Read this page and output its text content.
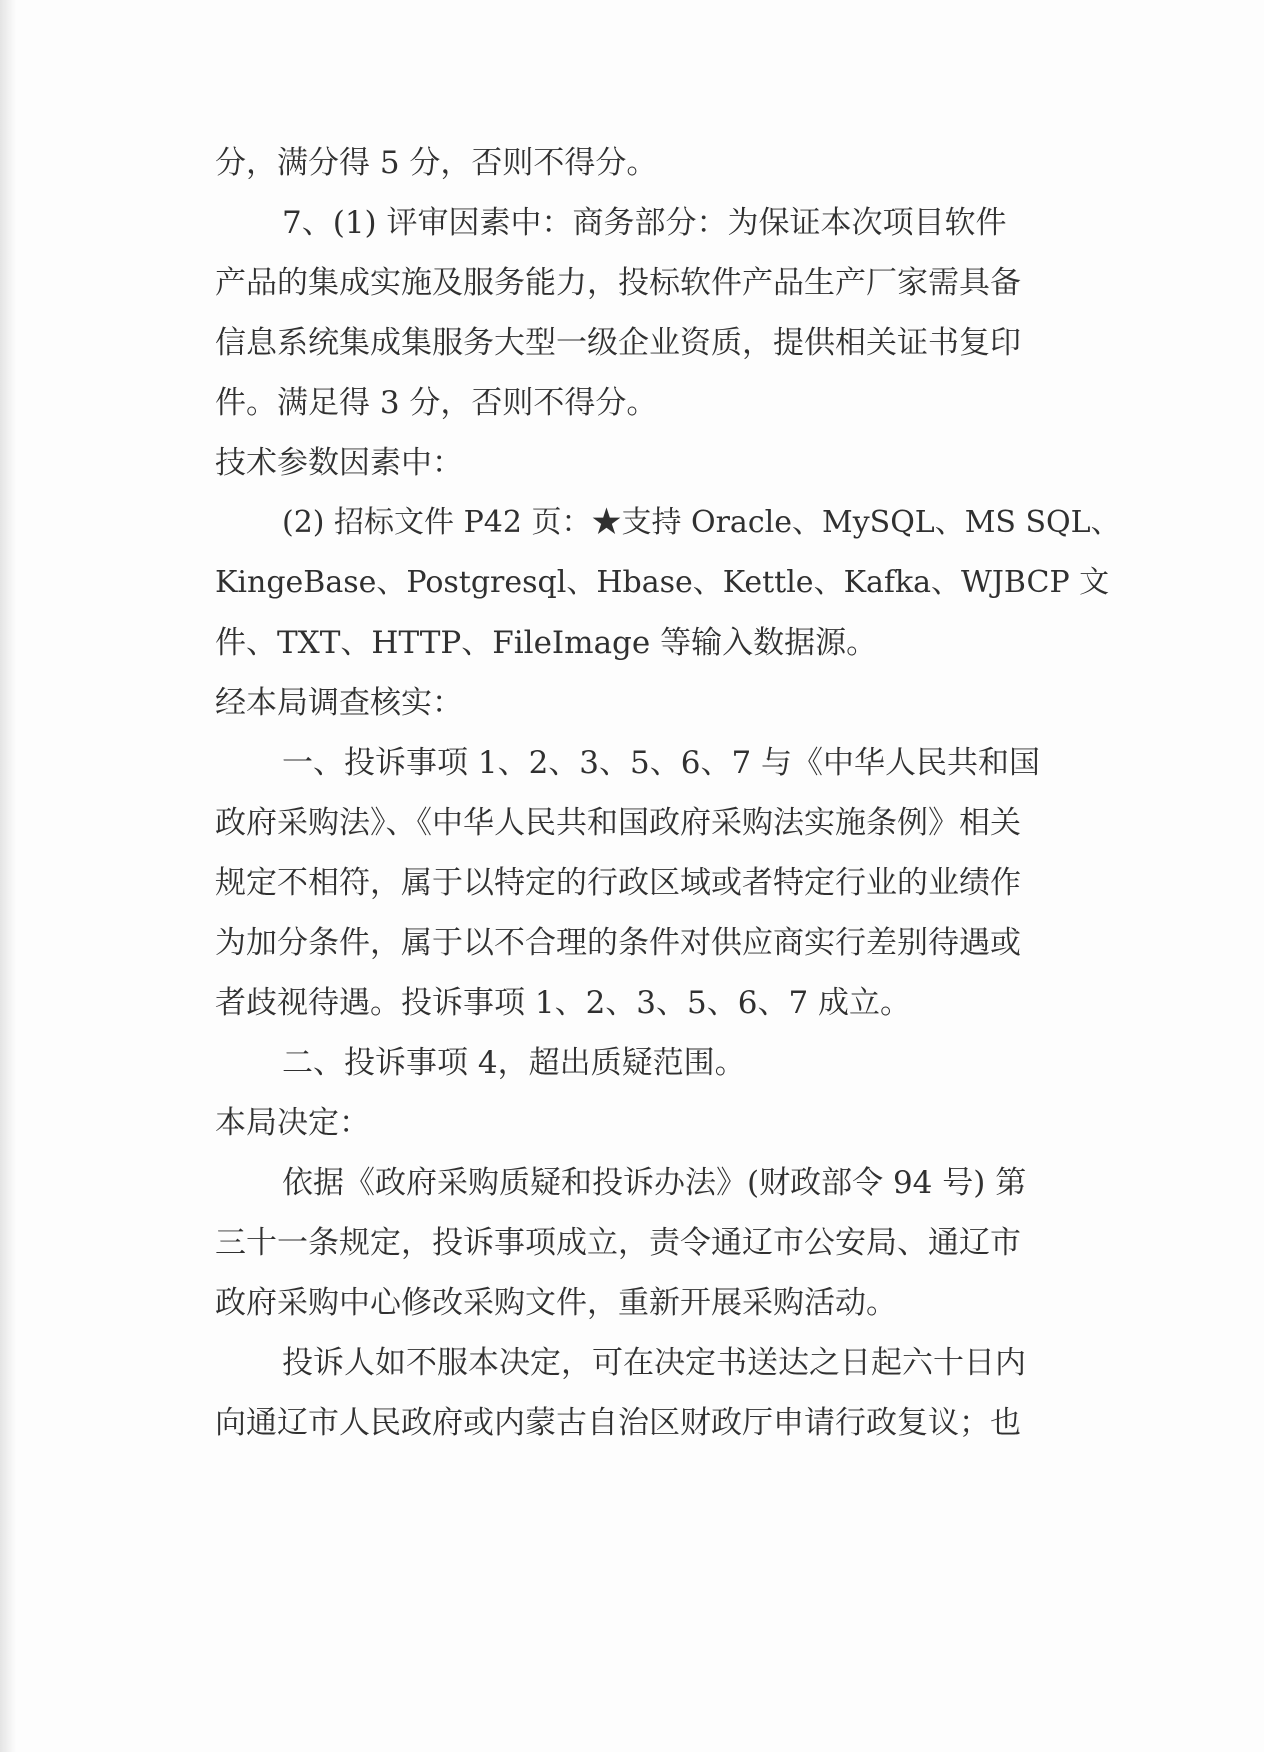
分，满分得 5 分，否则不得分。
7、(1) 评审因素中：商务部分：为保证本次项目软件
产品的集成实施及服务能力，投标软件产品生产厂家需具备
信息系统集成集服务大型一级企业资质，提供相关证书复印
件。满足得 3 分，否则不得分。
技术参数因素中：
(2) 招标文件 P42 页：★支持 Oracle、MySQL、MS SQL、
KingeBase、Postgresql、Hbase、Kettle、Kafka、WJBCP 文
件、TXT、HTTP、FileImage 等输入数据源。
经本局调查核实：
一、投诉事项 1、2、3、5、6、7 与《中华人民共和国
政府采购法》、《中华人民共和国政府采购法实施条例》相关
规定不相符，属于以特定的行政区域或者特定行业的业绩作
为加分条件，属于以不合理的条件对供应商实行差别待遇或
者歧视待遇。投诉事项 1、2、3、5、6、7 成立。
二、投诉事项 4，超出质疑范围。
本局决定：
依据《政府采购质疑和投诉办法》(财政部令 94 号) 第
三十一条规定，投诉事项成立，责令通辽市公安局、通辽市
政府采购中心修改采购文件，重新开展采购活动。
投诉人如不服本决定，可在决定书送达之日起六十日内
向通辽市人民政府或内蒙古自治区财政厅申请行政复议；也
